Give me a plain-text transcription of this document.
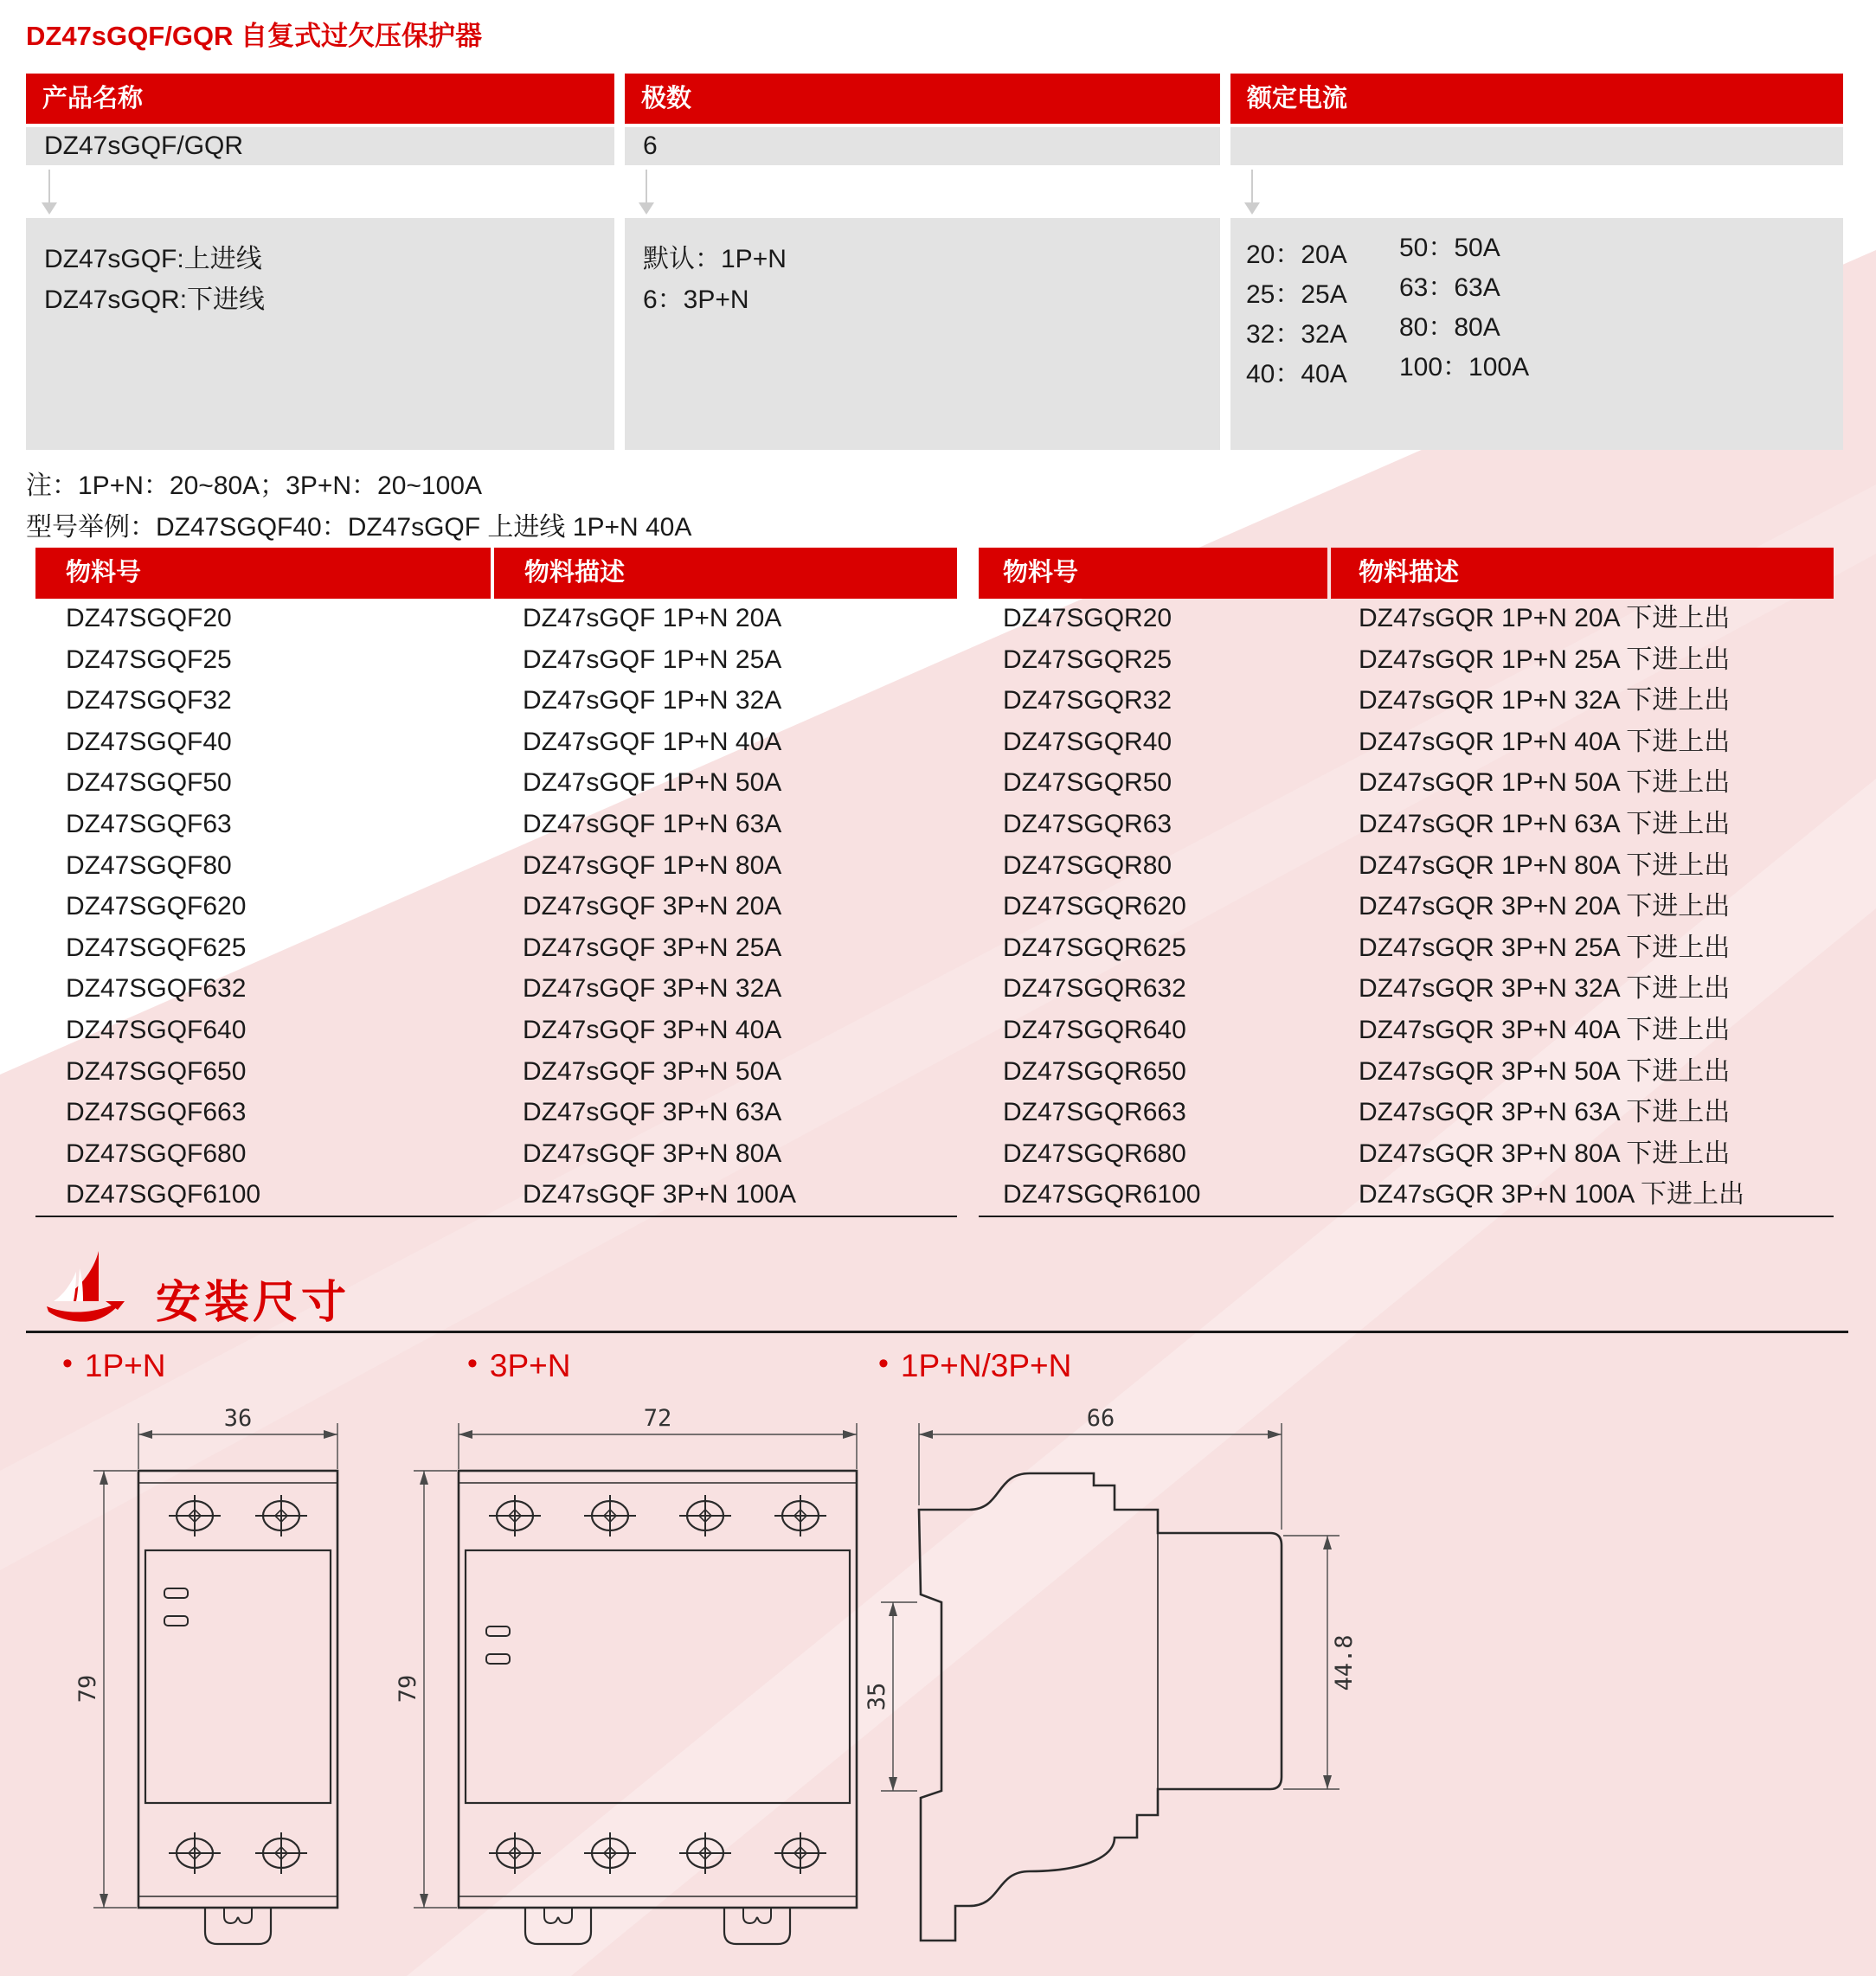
DZ47sGQF/GQR 自复式过欠压保护器
产品名称
DZ47sGQF/GQR
极数
6
额定电流
DZ47sGQF:上进线
DZ47sGQR:下进线
默认：1P+N
6：3P+N
20：20A
25：25A
32：32A
40：40A
50：50A
63：63A
80：80A
100：100A
注：1P+N：20~80A；3P+N：20~100A
型号举例：DZ47SGQF40：DZ47sGQF 上进线 1P+N 40A
物料号	物料描述
DZ47SGQF20	DZ47sGQF 1P+N 20A
DZ47SGQF25	DZ47sGQF 1P+N 25A
DZ47SGQF32	DZ47sGQF 1P+N 32A
DZ47SGQF40	DZ47sGQF 1P+N 40A
DZ47SGQF50	DZ47sGQF 1P+N 50A
DZ47SGQF63	DZ47sGQF 1P+N 63A
DZ47SGQF80	DZ47sGQF 1P+N 80A
DZ47SGQF620	DZ47sGQF 3P+N 20A
DZ47SGQF625	DZ47sGQF 3P+N 25A
DZ47SGQF632	DZ47sGQF 3P+N 32A
DZ47SGQF640	DZ47sGQF 3P+N 40A
DZ47SGQF650	DZ47sGQF 3P+N 50A
DZ47SGQF663	DZ47sGQF 3P+N 63A
DZ47SGQF680	DZ47sGQF 3P+N 80A
DZ47SGQF6100	DZ47sGQF 3P+N 100A
物料号	物料描述
DZ47SGQR20	DZ47sGQR 1P+N 20A 下进上出
DZ47SGQR25	DZ47sGQR 1P+N 25A 下进上出
DZ47SGQR32	DZ47sGQR 1P+N 32A 下进上出
DZ47SGQR40	DZ47sGQR 1P+N 40A 下进上出
DZ47SGQR50	DZ47sGQR 1P+N 50A 下进上出
DZ47SGQR63	DZ47sGQR 1P+N 63A 下进上出
DZ47SGQR80	DZ47sGQR 1P+N 80A 下进上出
DZ47SGQR620	DZ47sGQR 3P+N 20A 下进上出
DZ47SGQR625	DZ47sGQR 3P+N 25A 下进上出
DZ47SGQR632	DZ47sGQR 3P+N 32A 下进上出
DZ47SGQR640	DZ47sGQR 3P+N 40A 下进上出
DZ47SGQR650	DZ47sGQR 3P+N 50A 下进上出
DZ47SGQR663	DZ47sGQR 3P+N 63A 下进上出
DZ47SGQR680	DZ47sGQR 3P+N 80A 下进上出
DZ47SGQR6100	DZ47sGQR 3P+N 100A 下进上出
安装尺寸
• 1P+N	• 3P+N	• 1P+N/3P+N
36
79
72
79
66
35
44.8
